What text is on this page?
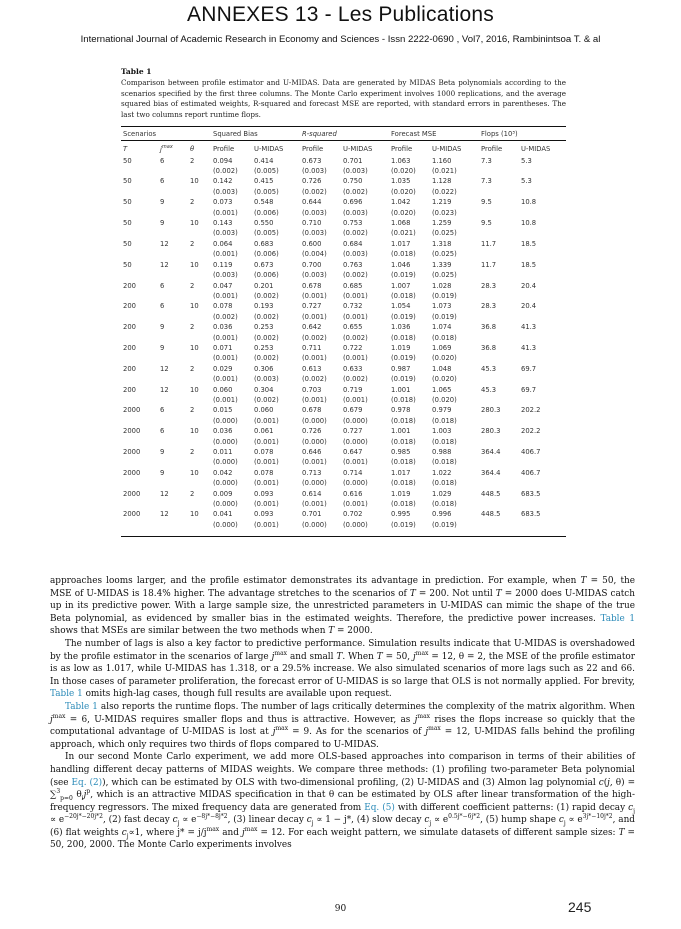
ANNEXES 13 - Les Publications
International Journal of Academic Research in Economy and Sciences - Issn 2222-0690 , Vol7, 2016, Rambinintsoa T. & al
Table 1
Comparison between profile estimator and U-MIDAS. Data are generated by MIDAS Beta polynomials according to the scenarios specified by the first three columns. The Monte Carlo experiment involves 1000 replications, and the average squared bias of estimated weights, R-squared and forecast MSE are reported, with standard errors in parentheses. The last two columns report runtime flops.
Scenarios			Squared Bias		R-squared		Forecast MSE		Flops (10³)	
T	$j^{max}$	θ	Profile	U-MIDAS	Profile	U-MIDAS	Profile	U-MIDAS	Profile	U-MIDAS
50	6	2	0.094	0.414	0.673	0.701	1.063	1.160	7.3	5.3
			(0.002)	(0.005)	(0.003)	(0.003)	(0.020)	(0.021)		
50	6	10	0.142	0.415	0.726	0.750	1.035	1.128	7.3	5.3
			(0.003)	(0.005)	(0.002)	(0.002)	(0.020)	(0.022)		
50	9	2	0.073	0.548	0.644	0.696	1.042	1.219	9.5	10.8
			(0.001)	(0.006)	(0.003)	(0.003)	(0.020)	(0.023)		
50	9	10	0.143	0.550	0.710	0.753	1.068	1.259	9.5	10.8
			(0.003)	(0.005)	(0.003)	(0.002)	(0.021)	(0.025)		
50	12	2	0.064	0.683	0.600	0.684	1.017	1.318	11.7	18.5
			(0.001)	(0.006)	(0.004)	(0.003)	(0.018)	(0.025)		
50	12	10	0.119	0.673	0.700	0.763	1.046	1.339	11.7	18.5
			(0.003)	(0.006)	(0.003)	(0.002)	(0.019)	(0.025)		
200	6	2	0.047	0.201	0.678	0.685	1.007	1.028	28.3	20.4
			(0.001)	(0.002)	(0.001)	(0.001)	(0.018)	(0.019)		
200	6	10	0.078	0.193	0.727	0.732	1.054	1.073	28.3	20.4
			(0.002)	(0.002)	(0.001)	(0.001)	(0.019)	(0.019)		
200	9	2	0.036	0.253	0.642	0.655	1.036	1.074	36.8	41.3
			(0.001)	(0.002)	(0.002)	(0.002)	(0.018)	(0.018)		
200	9	10	0.071	0.253	0.711	0.722	1.019	1.069	36.8	41.3
			(0.001)	(0.002)	(0.001)	(0.001)	(0.019)	(0.020)		
200	12	2	0.029	0.306	0.613	0.633	0.987	1.048	45.3	69.7
			(0.001)	(0.003)	(0.002)	(0.002)	(0.019)	(0.020)		
200	12	10	0.060	0.304	0.703	0.719	1.001	1.065	45.3	69.7
			(0.001)	(0.002)	(0.001)	(0.001)	(0.018)	(0.020)		
2000	6	2	0.015	0.060	0.678	0.679	0.978	0.979	280.3	202.2
			(0.000)	(0.001)	(0.000)	(0.000)	(0.018)	(0.018)		
2000	6	10	0.036	0.061	0.726	0.727	1.001	1.003	280.3	202.2
			(0.000)	(0.001)	(0.000)	(0.000)	(0.018)	(0.018)		
2000	9	2	0.011	0.078	0.646	0.647	0.985	0.988	364.4	406.7
			(0.000)	(0.001)	(0.001)	(0.001)	(0.018)	(0.018)		
2000	9	10	0.042	0.078	0.713	0.714	1.017	1.022	364.4	406.7
			(0.000)	(0.001)	(0.000)	(0.000)	(0.018)	(0.018)		
2000	12	2	0.009	0.093	0.614	0.616	1.019	1.029	448.5	683.5
			(0.000)	(0.001)	(0.001)	(0.001)	(0.018)	(0.018)		
2000	12	10	0.041	0.093	0.701	0.702	0.995	0.996	448.5	683.5
			(0.000)	(0.001)	(0.000)	(0.000)	(0.019)	(0.019)		

approaches looms larger, and the profile estimator demonstrates its advantage in prediction. For example, when T = 50, the MSE of U-MIDAS is 18.4% higher. The advantage stretches to the scenarios of T = 200. Not until T = 2000 does U-MIDAS catch up in its predictive power. With a large sample size, the unrestricted parameters in U-MIDAS can mimic the shape of the true Beta polynomial, as evidenced by smaller bias in the estimated weights. Therefore, the predictive power increases. Table 1 shows that MSEs are similar between the two methods when T = 2000.

The number of lags is also a key factor to predictive performance. Simulation results indicate that U-MIDAS is overshadowed by the profile estimator in the scenarios of large $j^{max}$ and small T. When T = 50, $j^{max} = 12$, θ = 2, the MSE of the profile estimator is as low as 1.017, while U-MIDAS has 1.318, or a 29.5% increase. We also simulated scenarios of more lags such as 22 and 66. In those cases of parameter proliferation, the forecast error of U-MIDAS is so large that OLS is not normally applied. For brevity, Table 1 omits high-lag cases, though full results are available upon request.

Table 1 also reports the runtime flops. The number of lags critically determines the complexity of the matrix algorithm. When $j^{max} = 6$, U-MIDAS requires smaller flops and thus is attractive. However, as $j^{max}$ rises the flops increase so quickly that the computational advantage of U-MIDAS is lost at $j^{max} = 9$. As for the scenarios of $j^{max} = 12$, U-MIDAS falls behind the profiling approach, which only requires two thirds of flops compared to U-MIDAS.

In our second Monte Carlo experiment, we add more OLS-based approaches into comparison in terms of their abilities of handling different decay patterns of MIDAS weights. We compare three methods: (1) profiling two-parameter Beta polynomial (see Eq. (2)), which can be estimated by OLS with two-dimensional profiling, (2) U-MIDAS and (3) Almon lag polynomial c(j, θ) = ∑$^3_{p=0}$ $\theta_ij^p$, which is an attractive MIDAS specification in that θ can be estimated by OLS after linear transformation of the high-frequency regressors. The mixed frequency data are generated from Eq. (5) with different coefficient patterns: (1) rapid decay $c_j \propto e^{-20j*-20j*2}$, (2) fast decay $c_j \propto e^{-8j*-8j*2}$, (3) linear decay $c_j \propto 1 - j*$, (4) slow decay $c_j \propto e^{0.5j*-6j*2}$, (5) hump shape $c_j \propto e^{3j*-10j*2}$, and (6) flat weights $c_j\propto 1$, where $j* = j/j^{max}$ and $j^{max} = 12$. For each weight pattern, we simulate datasets of different sample sizes: T = 50, 200, 2000. The Monte Carlo experiments involves

245
90
